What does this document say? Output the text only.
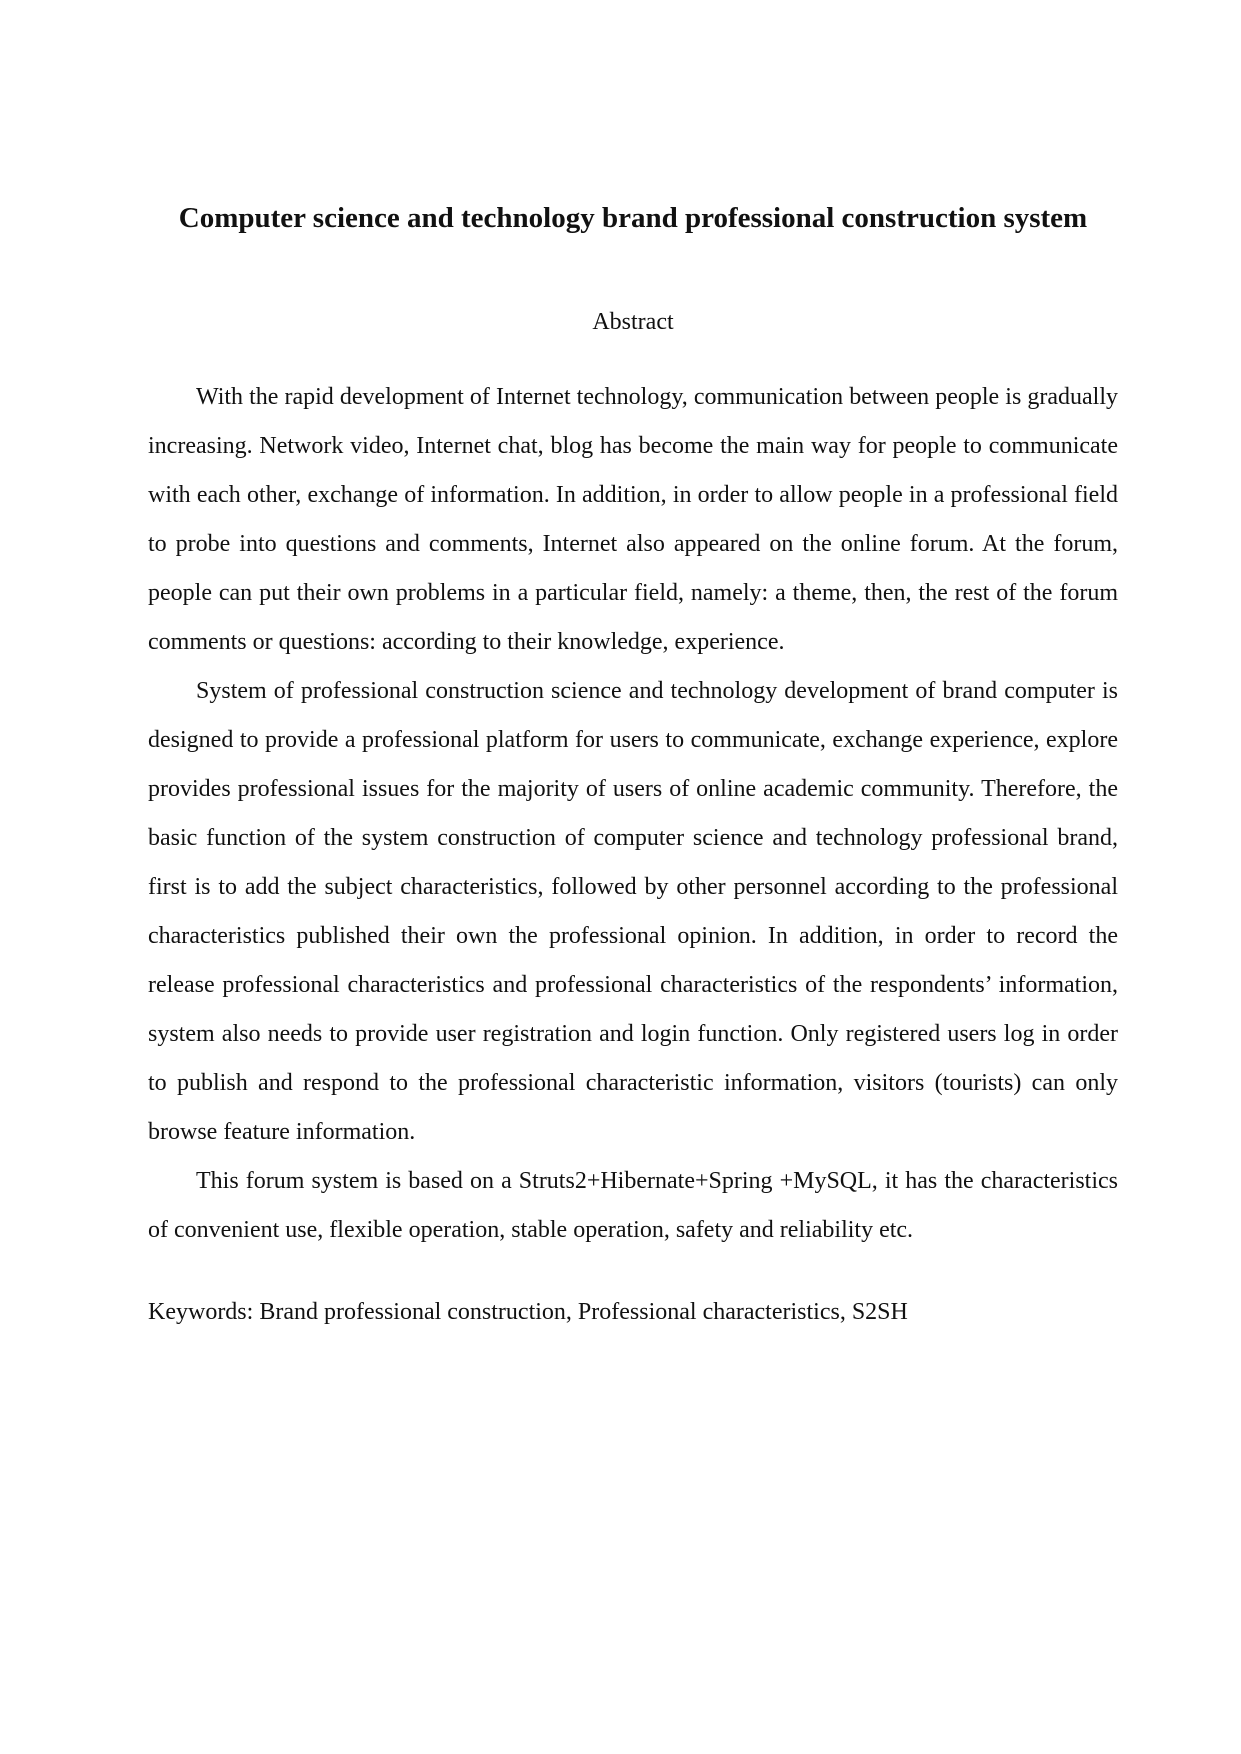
Computer science and technology brand professional construction system
Abstract

With the rapid development of Internet technology, communication between people is gradually increasing. Network video, Internet chat, blog has become the main way for people to communicate with each other, exchange of information. In addition, in order to allow people in a professional field to probe into questions and comments, Internet also appeared on the online forum. At the forum, people can put their own problems in a particular field, namely: a theme, then, the rest of the forum comments or questions: according to their knowledge, experience.

System of professional construction science and technology development of brand computer is designed to provide a professional platform for users to communicate, exchange experience, explore provides professional issues for the majority of users of online academic community. Therefore, the basic function of the system construction of computer science and technology professional brand, first is to add the subject characteristics, followed by other personnel according to the professional characteristics published their own the professional opinion. In addition, in order to record the release professional characteristics and professional characteristics of the respondents’ information, system also needs to provide user registration and login function. Only registered users log in order to publish and respond to the professional characteristic information, visitors (tourists) can only browse feature information.

This forum system is based on a Struts2+Hibernate+Spring +MySQL, it has the characteristics of convenient use, flexible operation, stable operation, safety and reliability etc.

Keywords: Brand professional construction, Professional characteristics, S2SH
